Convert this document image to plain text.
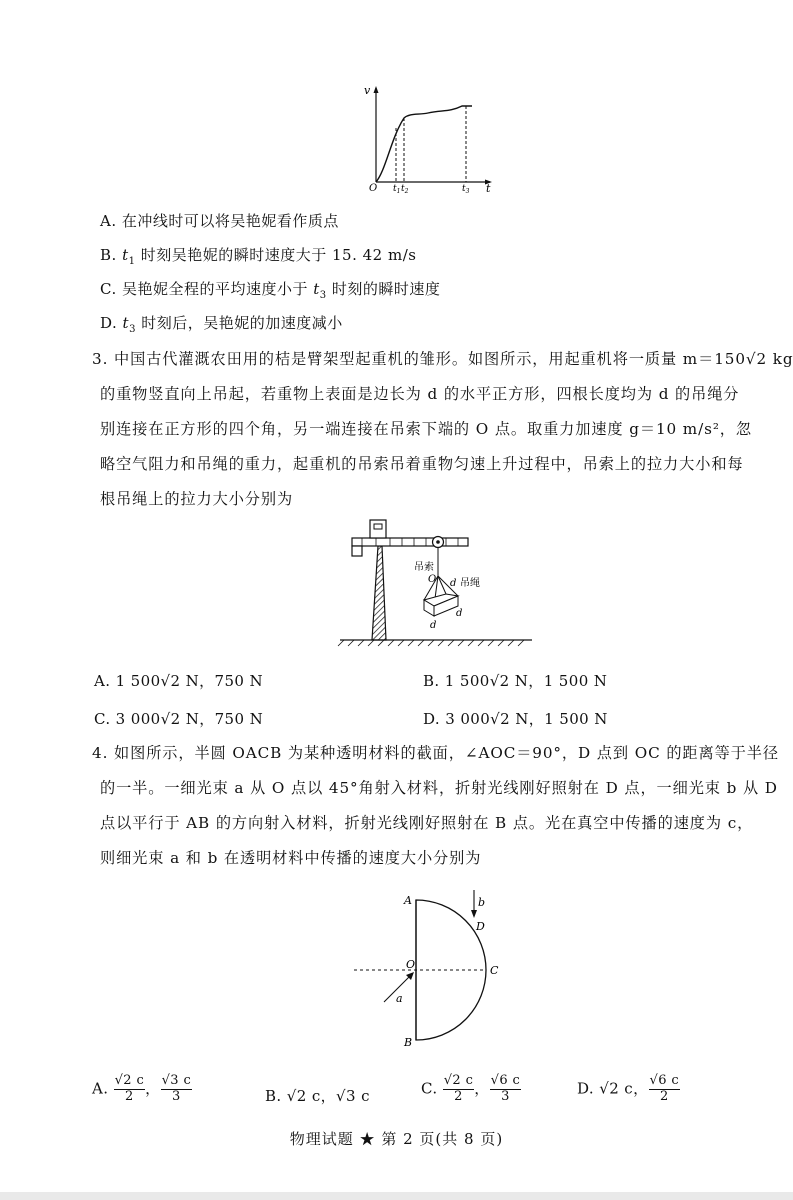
v
t
O $t_1$ $t_2$	$t_3$
A. 在冲线时可以将吴艳妮看作质点
B. $t_1$ 时刻吴艳妮的瞬时速度大于 15. 42 m/s
C. 吴艳妮全程的平均速度小于 $t_3$ 时刻的瞬时速度
D. $t_3$ 时刻后，吴艳妮的加速度减小
3. 中国古代灌溉农田用的桔是臂架型起重机的雏形。如图所示，用起重机将一质量 m＝150√2 kg
的重物竖直向上吊起，若重物上表面是边长为 d 的水平正方形，四根长度均为 d 的吊绳分
别连接在正方形的四个角，另一端连接在吊索下端的 O 点。取重力加速度 g＝10 m/s²，忽
略空气阻力和吊绳的重力，起重机的吊索吊着重物匀速上升过程中，吊索上的拉力大小和每
根吊绳上的拉力大小分别为
吊索
O d 吊绳
d
d
A. 1 500√2 N，750 N	B. 1 500√2 N，1 500 N
C. 3 000√2 N，750 N	D. 3 000√2 N，1 500 N
4. 如图所示，半圆 OACB 为某种透明材料的截面，∠AOC＝90°，D 点到 OC 的距离等于半径
的一半。一细光束 a 从 O 点以 45°角射入材料，折射光线刚好照射在 D 点，一细光束 b 从 D
点以平行于 AB 的方向射入材料，折射光线刚好照射在 B 点。光在真空中传播的速度为 c，
则细光束 a 和 b 在透明材料中传播的速度大小分别为
A
B
C
D
O
a
b
A. $\frac{√2 c}{2}$ ， $\frac{√3 c}{3}$	B. √2 c，√3 c	C. $\frac{√2 c}{2}$ ， $\frac{√6 c}{3}$	D. √2 c， $\frac{√6 c}{2}$
物理试题 ★ 第 2 页(共 8 页)
